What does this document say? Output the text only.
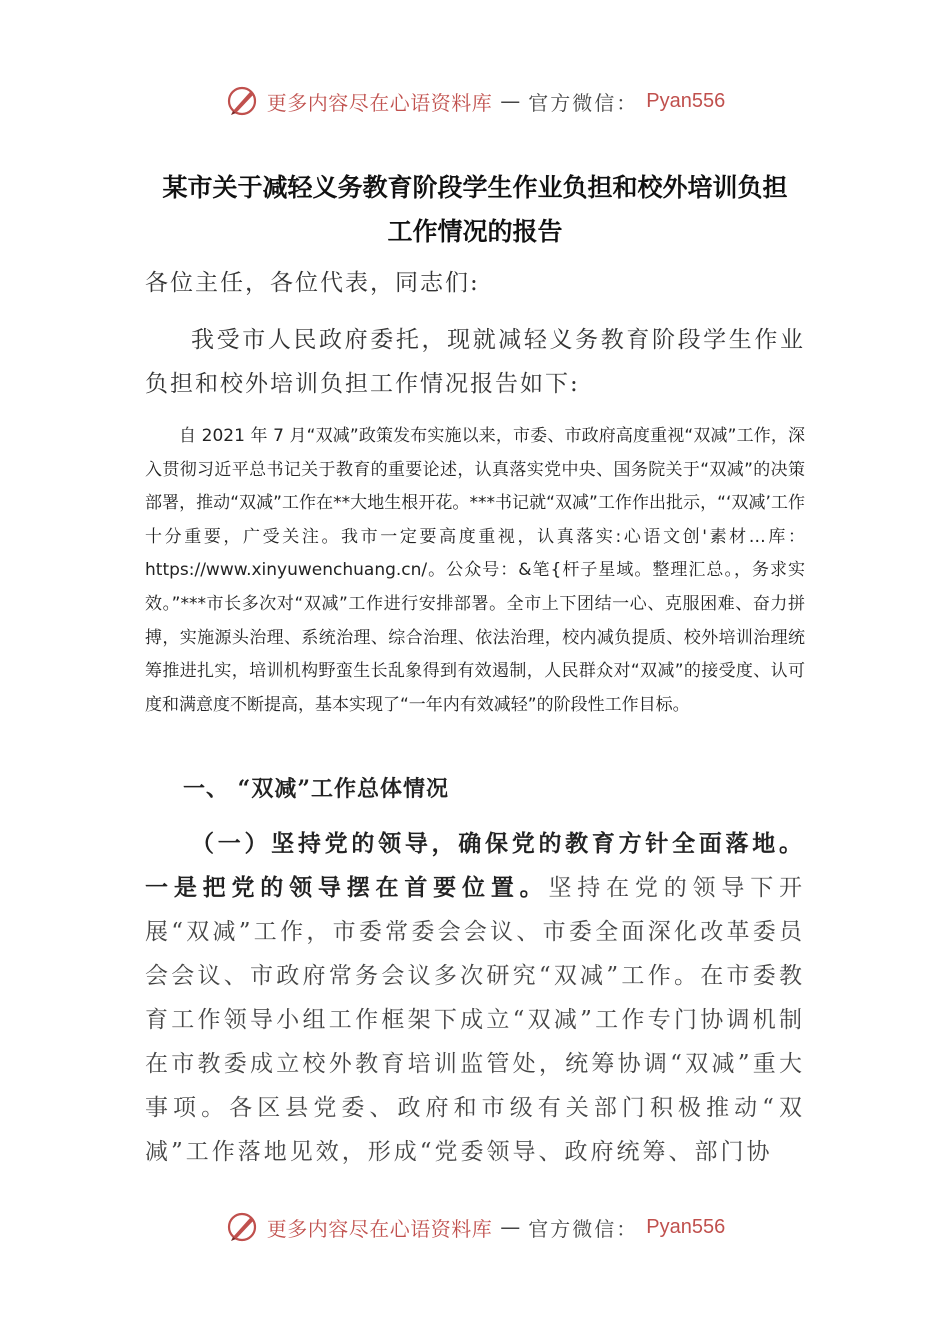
更多内容尽在心语资料库 — 官方微信： Pyan556
某市关于减轻义务教育阶段学生作业负担和校外培训负担
工作情况的报告
各位主任，各位代表，同志们:
我受市人民政府委托，现就减轻义务教育阶段学生作业负担和校外培训负担工作情况报告如下:
自 2021 年 7 月“双减”政策发布实施以来，市委、市政府高度重视“双减”工作，深入贯彻习近平总书记关于教育的重要论述，认真落实党中央、国务院关于“双减”的决策部署，推动“双减”工作在**大地生根开花。***书记就“双减”工作作出批示，“‘双减’工作十分重要，广受关注。我市一定要高度重视，认真落实:心语文创'素材…库：https://www.xinyuwenchuang.cn/。公众号：&笔{杆子星域。整理汇总。，务求实效。”***市长多次对“双减”工作进行安排部署。全市上下团结一心、克服困难、奋力拼搏，实施源头治理、系统治理、综合治理、依法治理，校内减负提质、校外培训治理统筹推进扎实，培训机构野蛮生长乱象得到有效遏制，人民群众对“双减”的接受度、认可度和满意度不断提高，基本实现了“一年内有效减轻”的阶段性工作目标。
一、 “双减”工作总体情况
（一）坚持党的领导，确保党的教育方针全面落地。一是把党的领导摆在首要位置。坚持在党的领导下开展“双减”工作，市委常委会会议、市委全面深化改革委员会会议、市政府常务会议多次研究“双减”工作。在市委教育工作领导小组工作框架下成立“双减”工作专门协调机制在市教委成立校外教育培训监管处，统筹协调“双减”重大事项。各区县党委、政府和市级有关部门积极推动“双减”工作落地见效，形成“党委领导、政府统筹、部门协
更多内容尽在心语资料库 — 官方微信： Pyan556
